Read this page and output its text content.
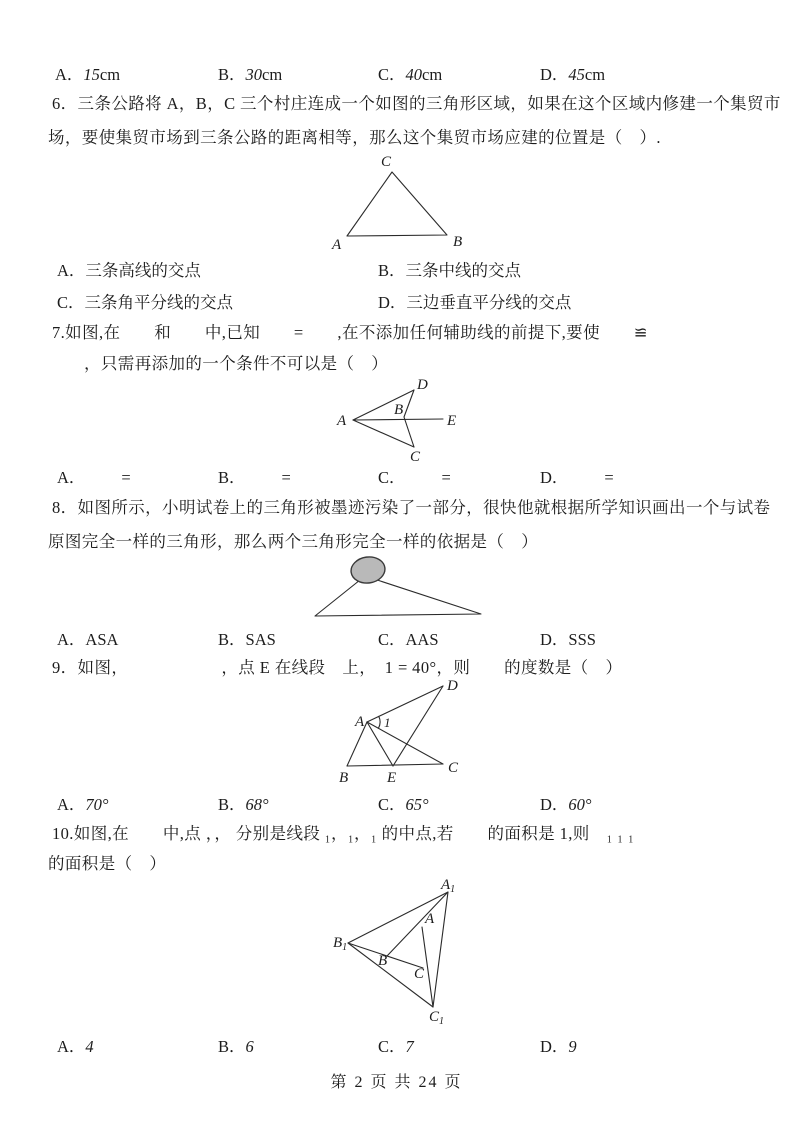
A．15cm	B．30cm	C．40cm	D．45cm
6．三条公路将 A，B，C 三个村庄连成一个如图的三角形区域，如果在这个区域内修建一个集贸市
场，要使集贸市场到三条公路的距离相等，那么这个集贸市场应建的位置是（　）.
C
A	B
A．三条高线的交点	B．三条中线的交点
C．三条角平分线的交点	D．三边垂直平分线的交点
7.如图,在　　和　　中,已知　　=　　,在不添加任何辅助线的前提下,要使　　≌
，只需再添加的一个条件不可以是（　）
A
D
B
E
C
A． =	B． =	C． =	D． =
8．如图所示，小明试卷上的三角形被墨迹污染了一部分，很快他就根据所学知识画出一个与试卷
原图完全一样的三角形，那么两个三角形完全一样的依据是（　）
A．ASA	B．SAS	C．AAS	D．SSS
9．如图，　　　　　　，点 E 在线段　上，　1 = 40°，则　　的度数是（　）
A
D
B	E
C
1
A．70°	B．68°	C．65°	D．60°
10.如图,在　　中,点 ，， 分别是线段 ₁，₁，₁ 的中点,若　　的面积是 1,则　₁ ₁ ₁
的面积是（　）
$A_1$
$B_1$
$C_1$
A
B
C
A．4	B．6	C．7	D．9
第 2 页 共 24 页
